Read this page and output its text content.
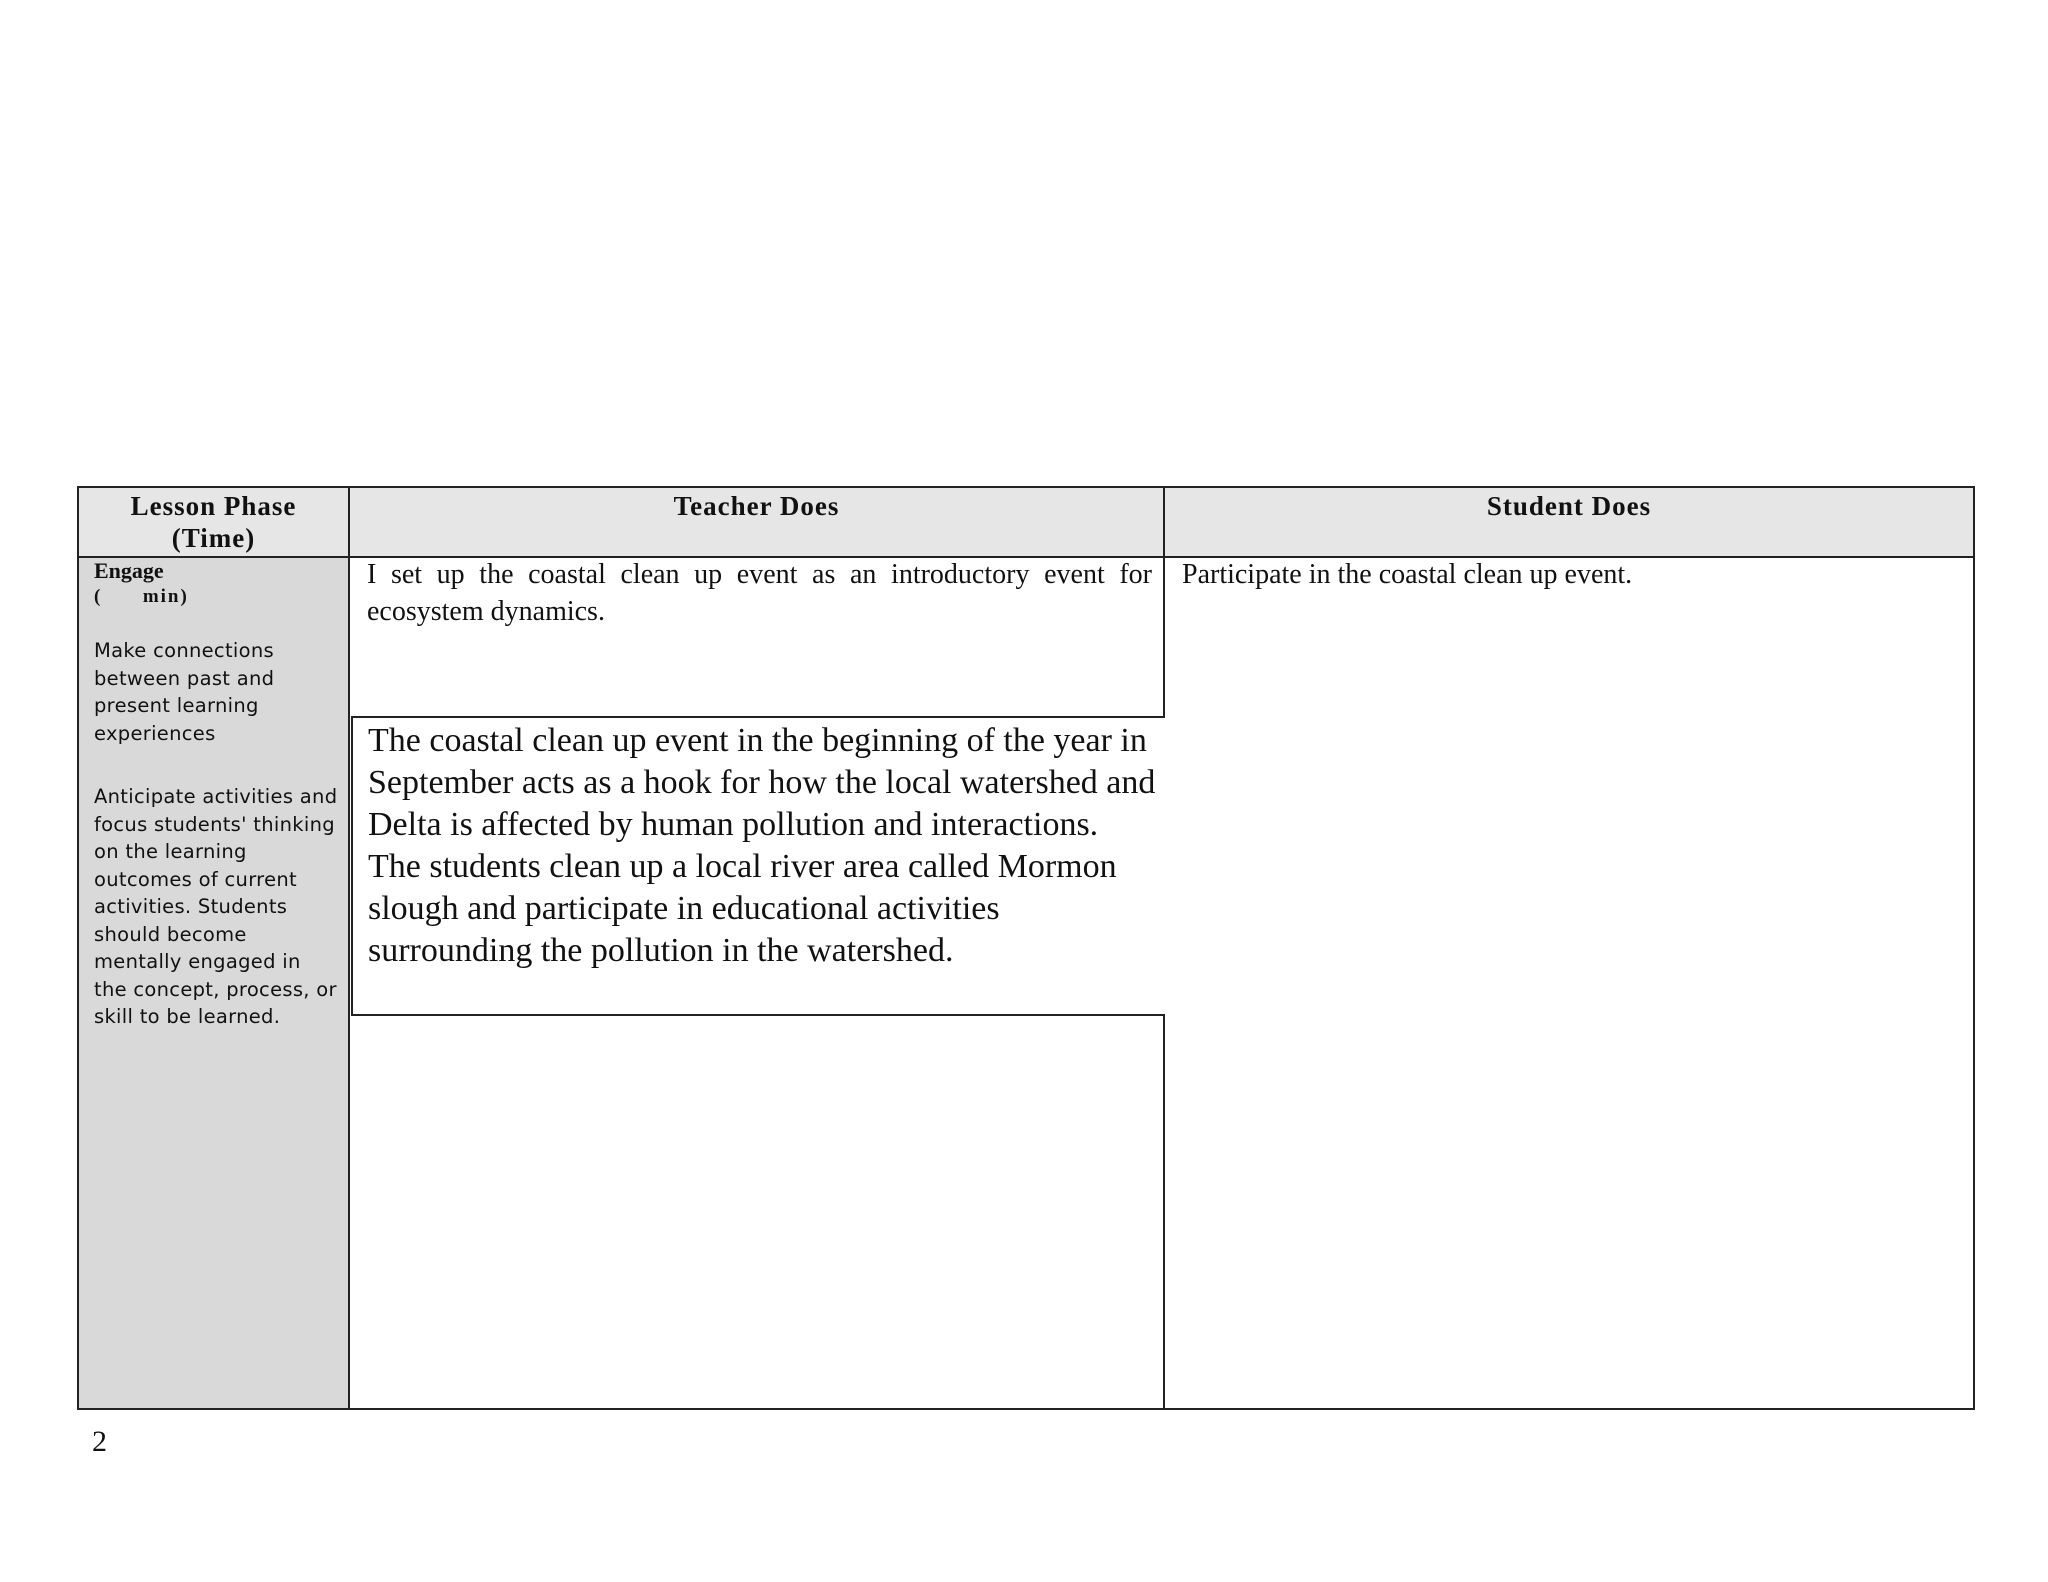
Lesson Phase
(Time)
Teacher Does	Student Does
Engage
(      min)
Make connections between past and present learning experiences
Anticipate activities and focus students' thinking on the learning outcomes of current activities. Students should become mentally engaged in the concept, process, or skill to be learned.
I set up the coastal clean up event as an introductory event for ecosystem dynamics.
The coastal clean up event in the beginning of the year in September acts as a hook for how the local watershed and Delta is affected by human pollution and interactions. The students clean up a local river area called Mormon slough and participate in educational activities surrounding the pollution in the watershed.
Participate in the coastal clean up event.
2
